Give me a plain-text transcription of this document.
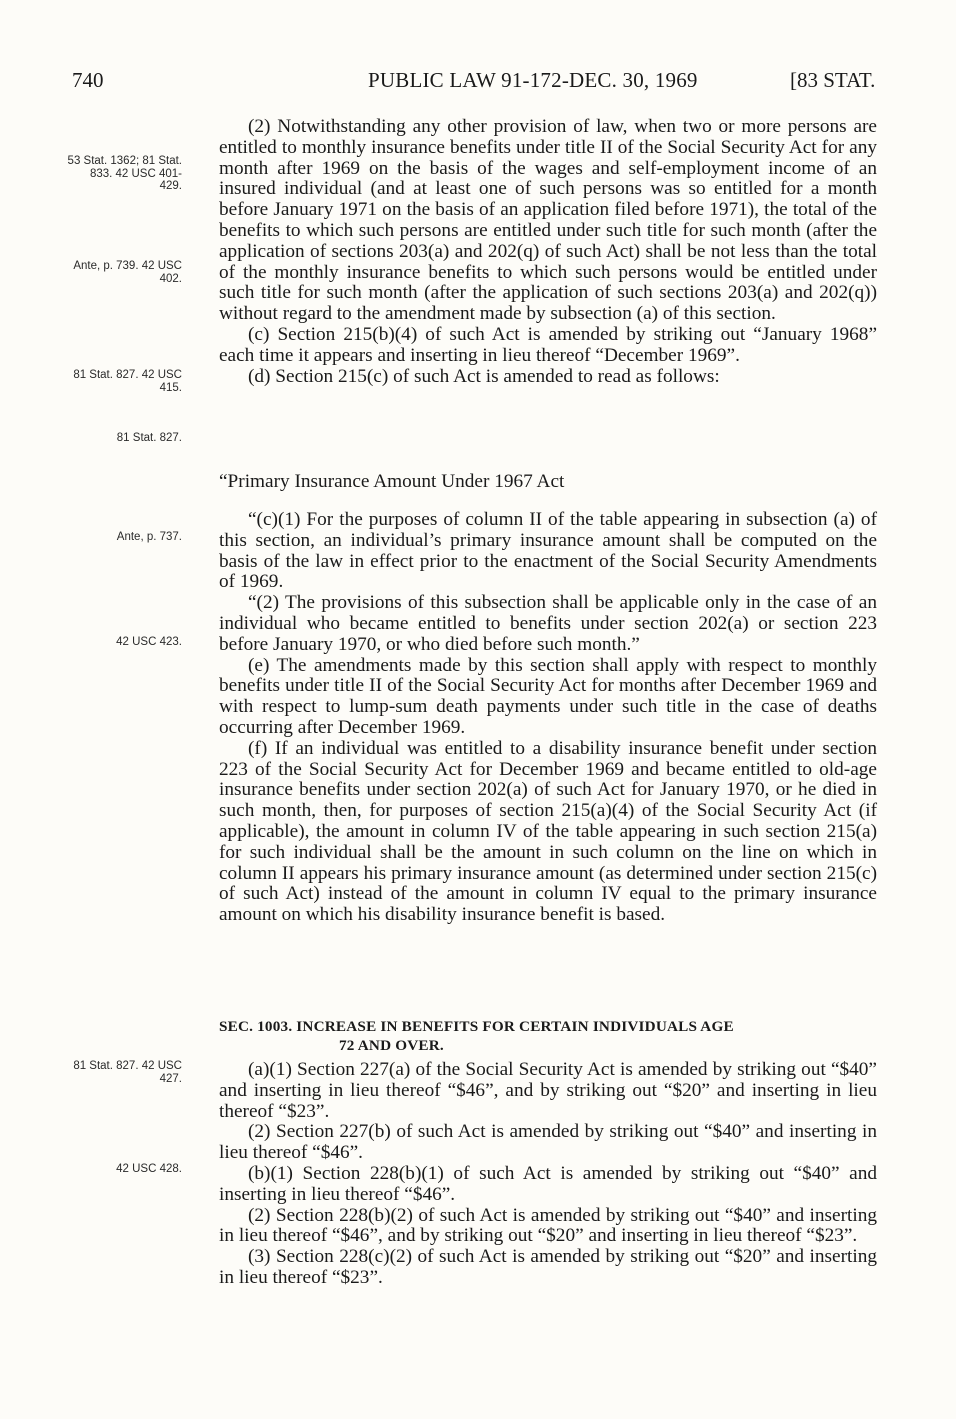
740	PUBLIC LAW 91-172-DEC. 30, 1969	[83 STAT.
53 Stat. 1362; 81 Stat. 833. 42 USC 401- 429.
Ante, p. 739. 42 USC 402.
81 Stat. 827. 42 USC 415.
81 Stat. 827.
Ante, p. 737.
42 USC 423.
81 Stat. 827. 42 USC 427.
42 USC 428.

(2) Notwithstanding any other provision of law, when two or more persons are entitled to monthly insurance benefits under title II of the Social Security Act for any month after 1969 on the basis of the wages and self-employment income of an insured individual (and at least one of such persons was so entitled for a month before January 1971 on the basis of an application filed before 1971), the total of the benefits to which such persons are entitled under such title for such month (after the application of sections 203(a) and 202(q) of such Act) shall be not less than the total of the monthly insurance benefits to which such persons would be entitled under such title for such month (after the application of such sections 203(a) and 202(q)) without regard to the amendment made by subsection (a) of this section.

(c) Section 215(b)(4) of such Act is amended by striking out “January 1968” each time it appears and inserting in lieu thereof “December 1969”.

(d) Section 215(c) of such Act is amended to read as follows:

“Primary Insurance Amount Under 1967 Act

“(c)(1) For the purposes of column II of the table appearing in subsection (a) of this section, an individual’s primary insurance amount shall be computed on the basis of the law in effect prior to the enactment of the Social Security Amendments of 1969.

“(2) The provisions of this subsection shall be applicable only in the case of an individual who became entitled to benefits under section 202(a) or section 223 before January 1970, or who died before such month.”

(e) The amendments made by this section shall apply with respect to monthly benefits under title II of the Social Security Act for months after December 1969 and with respect to lump-sum death payments under such title in the case of deaths occurring after December 1969.

(f) If an individual was entitled to a disability insurance benefit under section 223 of the Social Security Act for December 1969 and became entitled to old-age insurance benefits under section 202(a) of such Act for January 1970, or he died in such month, then, for purposes of section 215(a)(4) of the Social Security Act (if applicable), the amount in column IV of the table appearing in such section 215(a) for such individual shall be the amount in such column on the line on which in column II appears his primary insurance amount (as determined under section 215(c) of such Act) instead of the amount in column IV equal to the primary insurance amount on which his disability insurance benefit is based.

SEC. 1003. INCREASE IN BENEFITS FOR CERTAIN INDIVIDUALS AGE
72 AND OVER.

(a)(1) Section 227(a) of the Social Security Act is amended by striking out “$40” and inserting in lieu thereof “$46”, and by striking out “$20” and inserting in lieu thereof “$23”.

(2) Section 227(b) of such Act is amended by striking out “$40” and inserting in lieu thereof “$46”.

(b)(1) Section 228(b)(1) of such Act is amended by striking out “$40” and inserting in lieu thereof “$46”.

(2) Section 228(b)(2) of such Act is amended by striking out “$40” and inserting in lieu thereof “$46”, and by striking out “$20” and inserting in lieu thereof “$23”.

(3) Section 228(c)(2) of such Act is amended by striking out “$20” and inserting in lieu thereof “$23”.
